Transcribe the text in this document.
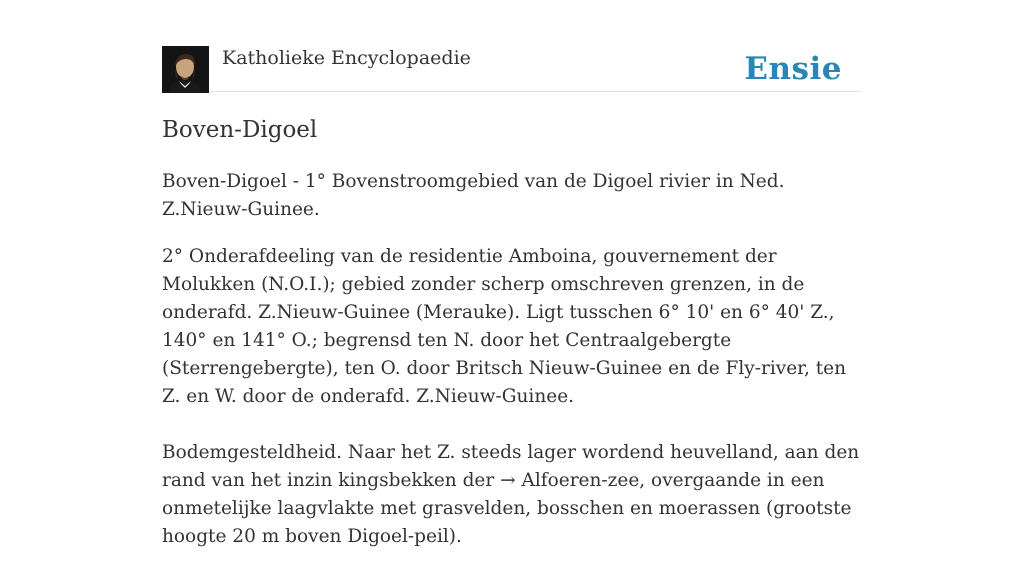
Katholieke Encyclopaedie	Ensie
Boven-Digoel

Boven-Digoel - 1° Bovenstroomgebied van de Digoel rivier in Ned. Z.Nieuw-Guinee.

2° Onderafdeeling van de residentie Amboina, gouvernement der Molukken (N.O.I.); gebied zonder scherp omschreven grenzen, in de onderafd. Z.Nieuw-Guinee (Merauke). Ligt tusschen 6° 10' en 6° 40' Z., 140° en 141° O.; begrensd ten N. door het Centraalgebergte (Sterrengebergte), ten O. door Britsch Nieuw-Guinee en de Fly-river, ten Z. en W. door de onderafd. Z.Nieuw-Guinee.

Bodemgesteldheid. Naar het Z. steeds lager wordend heuvelland, aan den rand van het inzin kingsbekken der → Alfoeren-zee, overgaande in een onmetelijke laagvlakte met grasvelden, bosschen en moerassen (grootste hoogte 20 m boven Digoel-peil).
